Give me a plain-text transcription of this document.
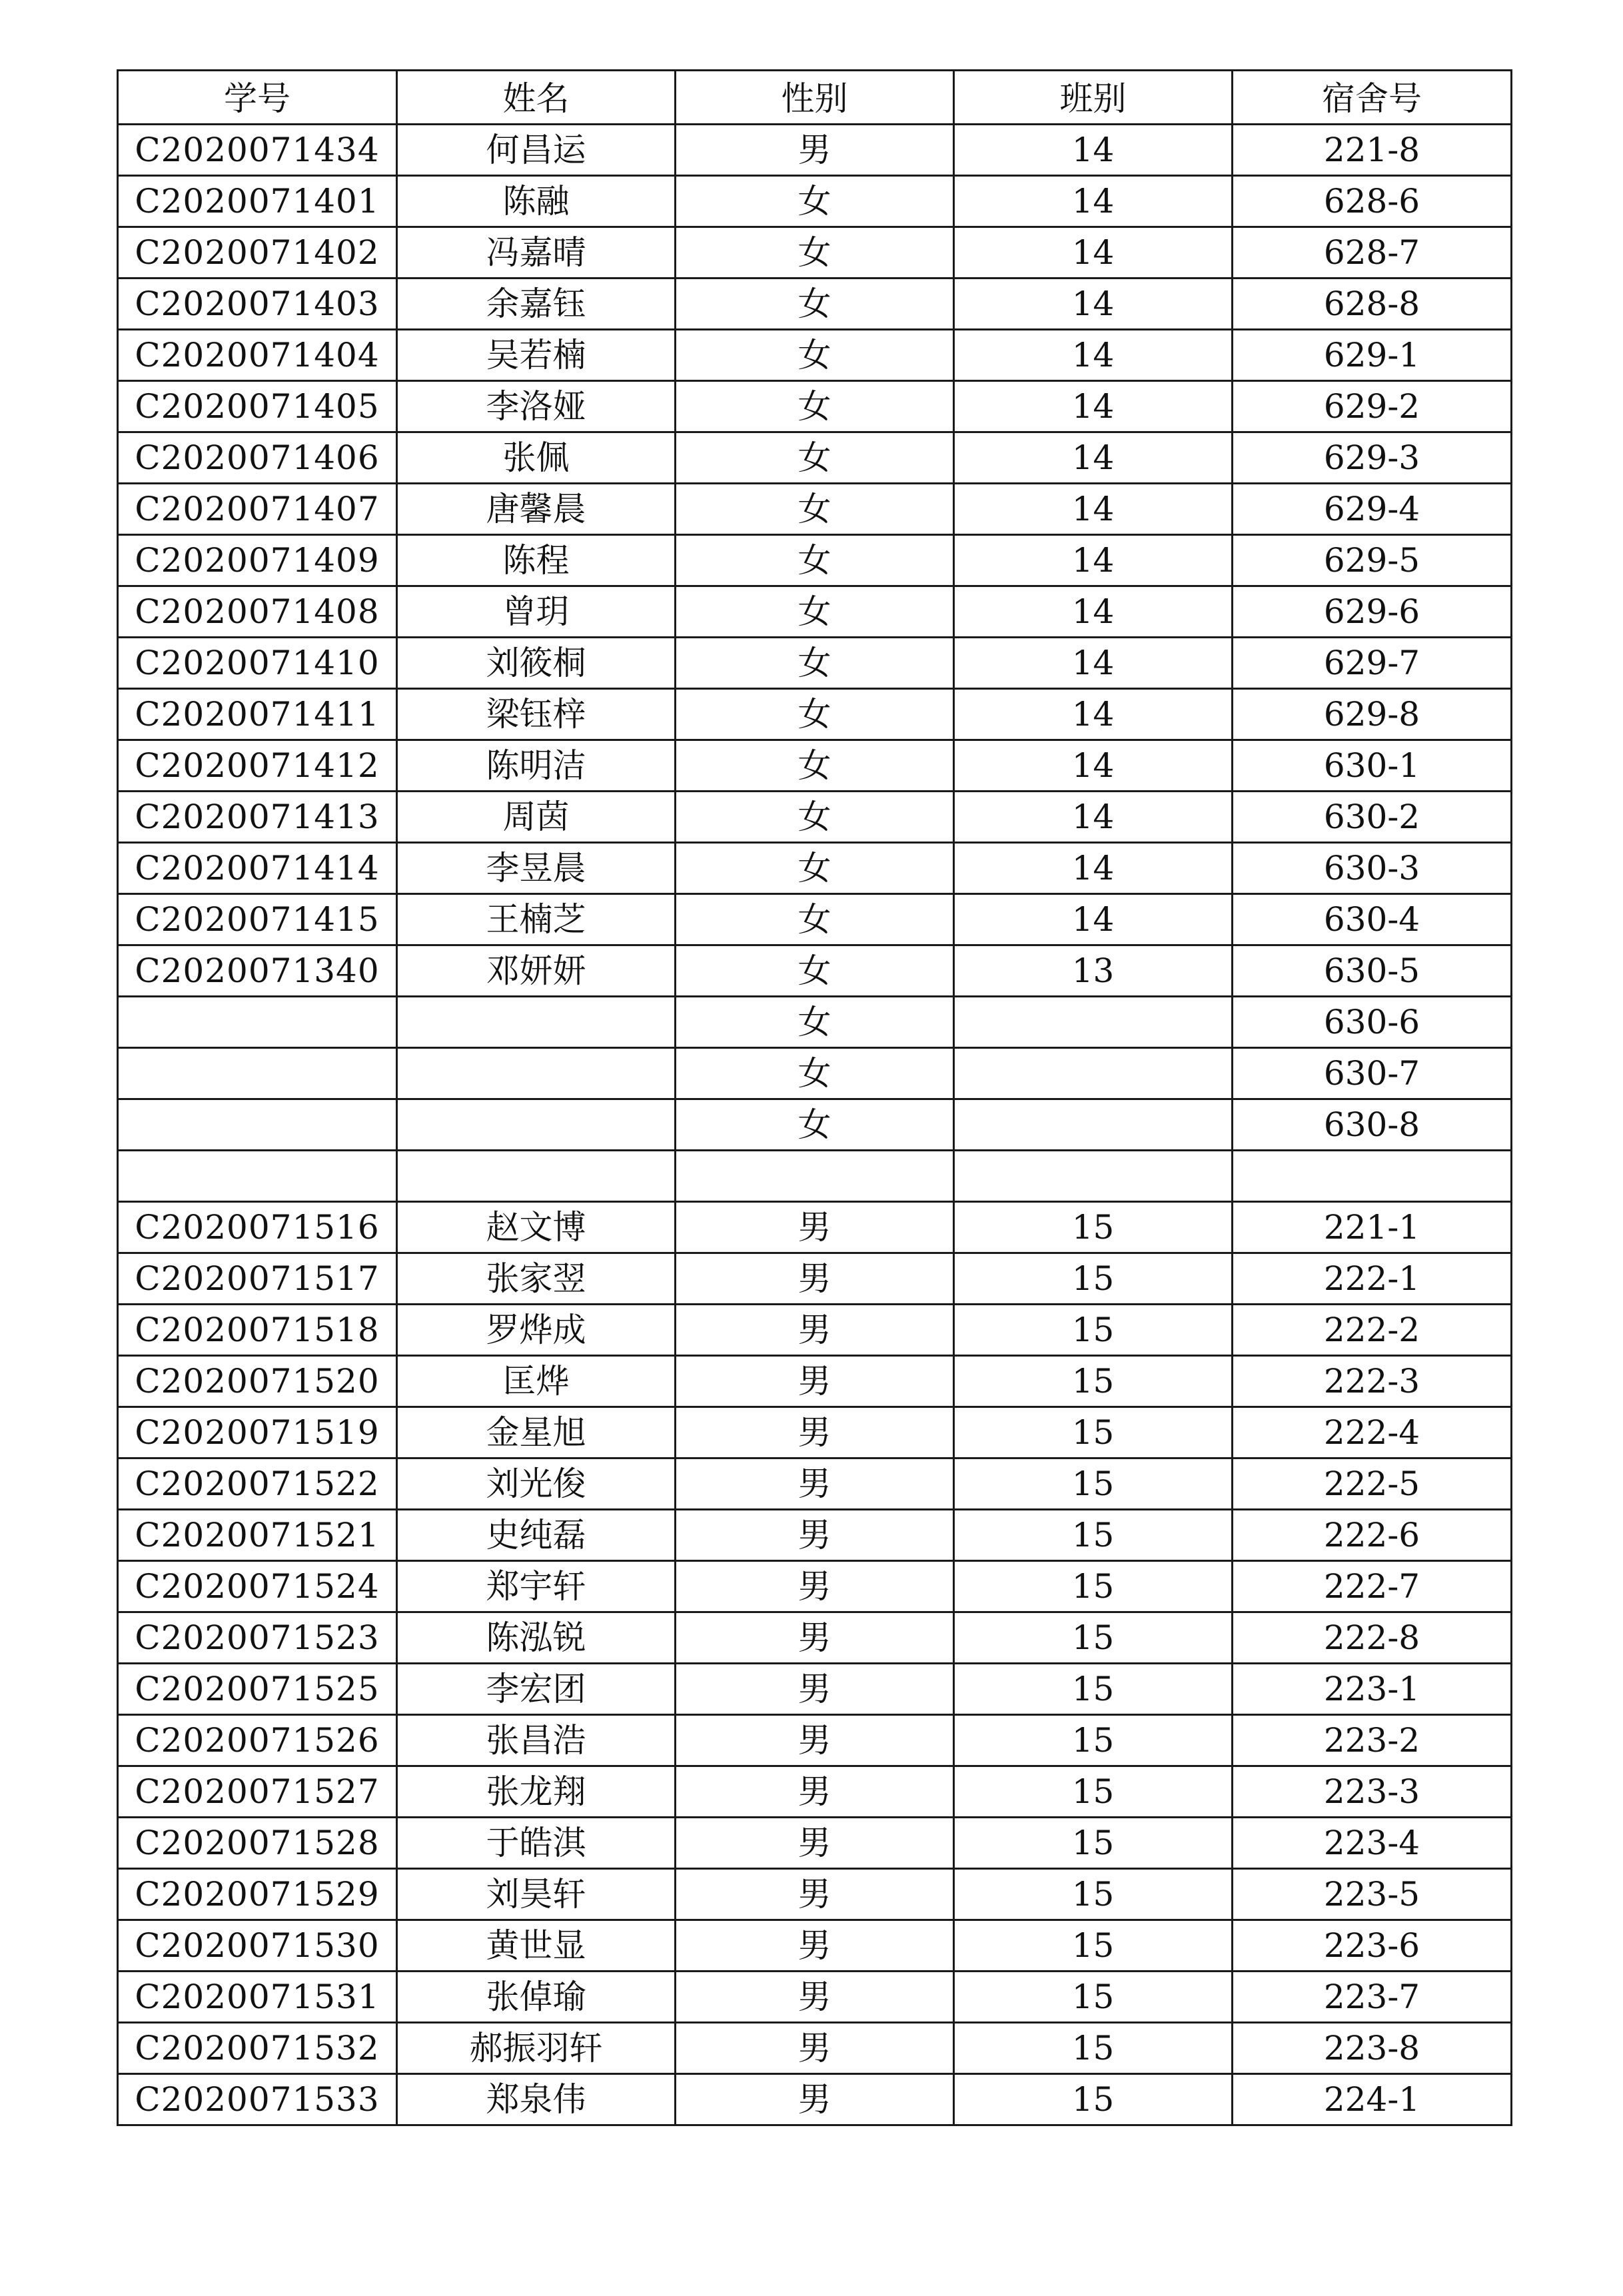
学号	姓名	性别	班别	宿舍号
C2020071434	何昌运	男	14	221-8
C2020071401	陈融	女	14	628-6
C2020071402	冯嘉晴	女	14	628-7
C2020071403	余嘉钰	女	14	628-8
C2020071404	吴若楠	女	14	629-1
C2020071405	李洛娅	女	14	629-2
C2020071406	张佩	女	14	629-3
C2020071407	唐馨晨	女	14	629-4
C2020071409	陈程	女	14	629-5
C2020071408	曾玥	女	14	629-6
C2020071410	刘筱桐	女	14	629-7
C2020071411	梁钰梓	女	14	629-8
C2020071412	陈明洁	女	14	630-1
C2020071413	周茵	女	14	630-2
C2020071414	李昱晨	女	14	630-3
C2020071415	王楠芝	女	14	630-4
C2020071340	邓妍妍	女	13	630-5
		女		630-6
		女		630-7
		女		630-8

C2020071516	赵文博	男	15	221-1
C2020071517	张家翌	男	15	222-1
C2020071518	罗烨成	男	15	222-2
C2020071520	匡烨	男	15	222-3
C2020071519	金星旭	男	15	222-4
C2020071522	刘光俊	男	15	222-5
C2020071521	史纯磊	男	15	222-6
C2020071524	郑宇轩	男	15	222-7
C2020071523	陈泓锐	男	15	222-8
C2020071525	李宏团	男	15	223-1
C2020071526	张昌浩	男	15	223-2
C2020071527	张龙翔	男	15	223-3
C2020071528	于皓淇	男	15	223-4
C2020071529	刘昊轩	男	15	223-5
C2020071530	黄世显	男	15	223-6
C2020071531	张倬瑜	男	15	223-7
C2020071532	郝振羽轩	男	15	223-8
C2020071533	郑泉伟	男	15	224-1
